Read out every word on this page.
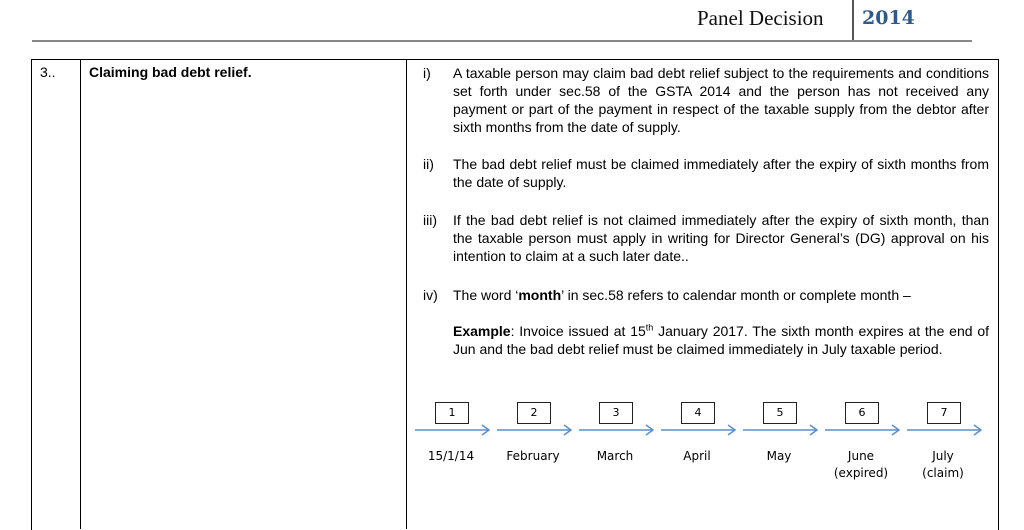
Panel Decision 2014
3.. Claiming bad debt relief.	i) A taxable person may claim bad debt relief subject to the requirements and conditions set forth under sec.58 of the GSTA 2014 and the person has not received any payment or part of the payment in respect of the taxable supply from the debtor after sixth months from the date of supply.
ii) The bad debt relief must be claimed immediately after the expiry of sixth months from the date of supply.
iii) If the bad debt relief is not claimed immediately after the expiry of sixth month, than the taxable person must apply in writing for Director General’s (DG) approval on his intention to claim at a such later date..
iv) The word ‘month’ in sec.58 refers to calendar month or complete month –
Example: Invoice issued at 15th January 2017. The sixth month expires at the end of Jun and the bad debt relief must be claimed immediately in July taxable period.
1
15/1/14
2
February
3
March
4
April
5
May
6
June
(expired)
7
July
(claim)
